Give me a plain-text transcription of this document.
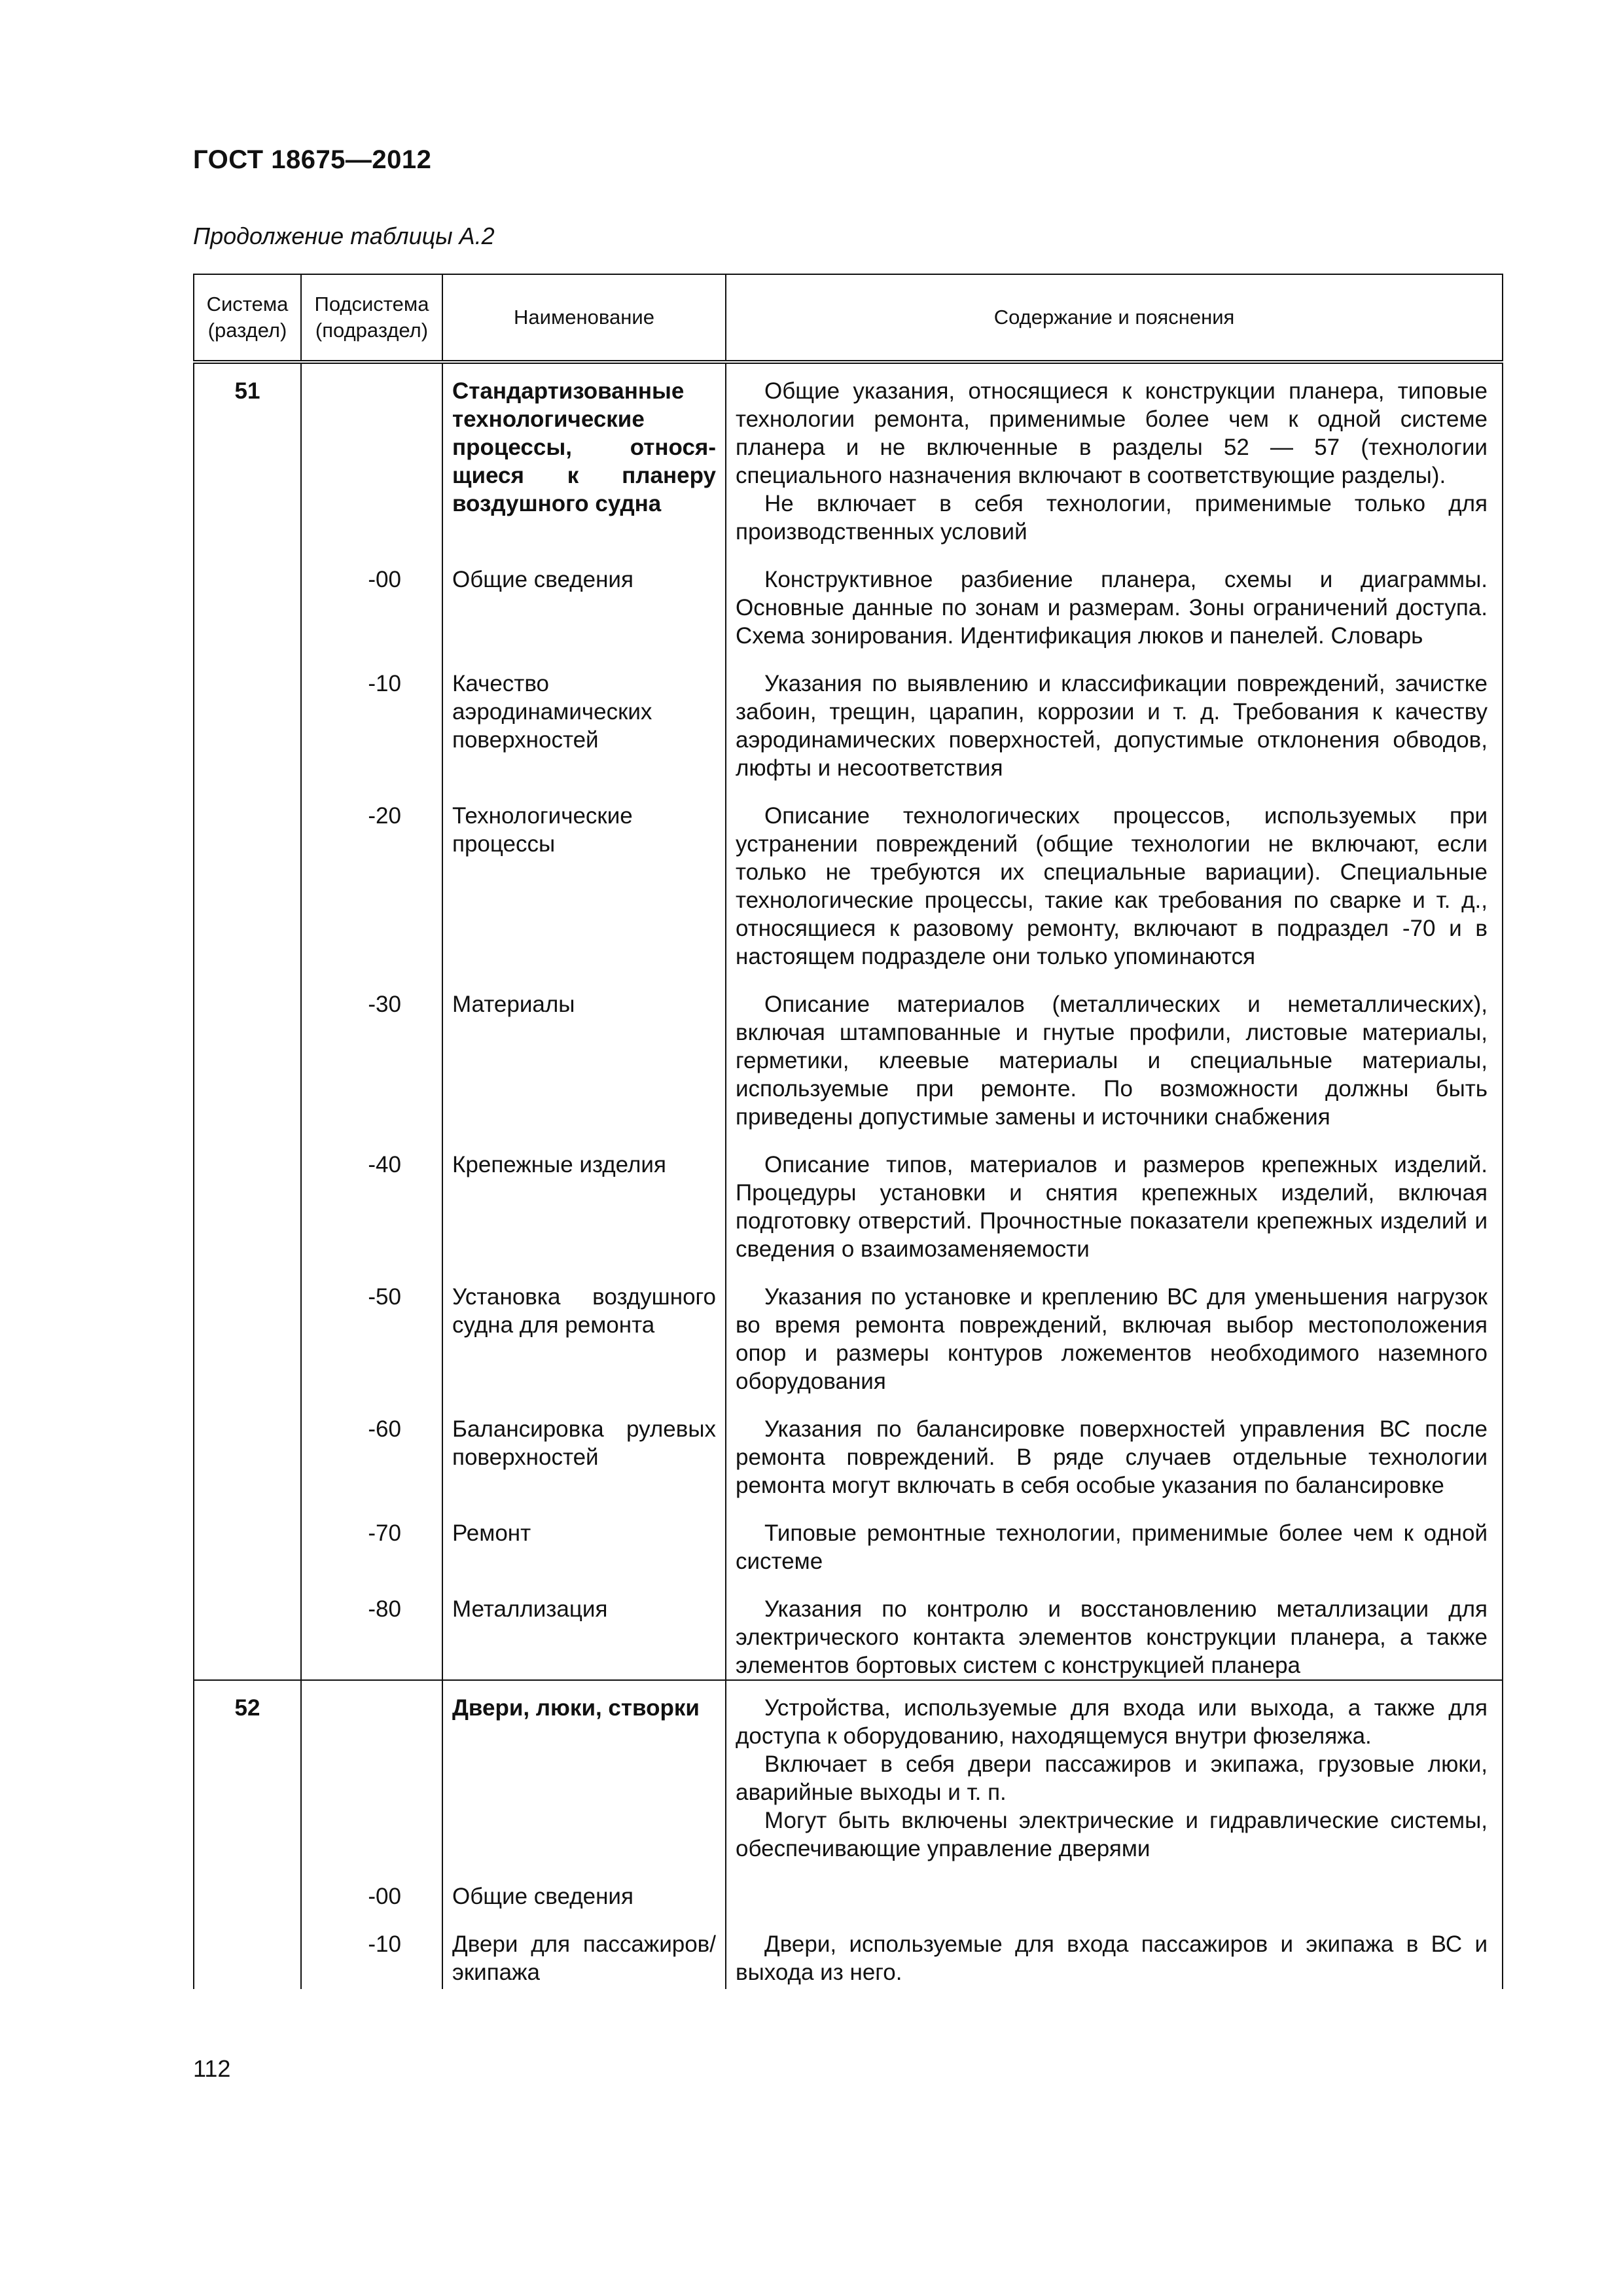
ГОСТ 18675—2012
Продолжение таблицы А.2
Система (раздел)	Подсистема (подраздел)	Наименование	Содержание и пояснения
51		Стандартизованные технологические процессы, относя-щиеся к планеру воздушного судна	Общие указания, относящиеся к конструкции планера, типовые технологии ремонта, применимые более чем к одной системе планера и не включенные в разделы 52 — 57 (технологии специального назначения включают в соответствующие разделы).
Не включает в себя технологии, применимые только для производственных условий

	-00	Общие сведения	Конструктивное разбиение планера, схемы и диаграммы. Основные данные по зонам и размерам. Зоны ограничений доступа. Схема зонирования. Идентификация люков и панелей. Словарь

	-10	Качество аэродинамических поверхностей	Указания по выявлению и классификации повреждений, зачистке забоин, трещин, царапин, коррозии и т. д. Требования к качеству аэродинамических поверхностей, допустимые отклонения обводов, люфты и несоответствия

	-20	Технологические процессы	Описание технологических процессов, используемых при устранении повреждений (общие технологии не включают, если только не требуются их специальные вариации). Специальные технологические процессы, такие как требования по сварке и т. д., относящиеся к разовому ремонту, включают в подраздел -70 и в настоящем подразделе они только упоминаются

	-30	Материалы	Описание материалов (металлических и неметаллических), включая штампованные и гнутые профили, листовые материалы, герметики, клеевые материалы и специальные материалы, используемые при ремонте. По возможности должны быть приведены допустимые замены и источники снабжения

	-40	Крепежные изделия	Описание типов, материалов и размеров крепежных изделий. Процедуры установки и снятия крепежных изделий, включая подготовку отверстий. Прочностные показатели крепежных изделий и сведения о взаимозаменяемости

	-50	Установка воздушного судна для ремонта	Указания по установке и креплению ВС для уменьшения нагрузок во время ремонта повреждений, включая выбор местоположения опор и размеры контуров ложементов необходимого наземного оборудования

	-60	Балансировка рулевых поверхностей	Указания по балансировке поверхностей управления ВС после ремонта повреждений. В ряде случаев отдельные технологии ремонта могут включать в себя особые указания по балансировке

	-70	Ремонт	Типовые ремонтные технологии, применимые более чем к одной системе

	-80	Металлизация	Указания по контролю и восстановлению металлизации для электрического контакта элементов конструкции планера, а также элементов бортовых систем с конструкцией планера

52		Двери, люки, створки	Устройства, используемые для входа или выхода, а также для доступа к оборудованию, находящемуся внутри фюзеляжа.
Включает в себя двери пассажиров и экипажа, грузовые люки, аварийные выходы и т. п.
Могут быть включены электрические и гидравлические системы, обеспечивающие управление дверями

	-00	Общие сведения	
	-10	Двери для пассажиров/экипажа	Двери, используемые для входа пассажиров и экипажа в ВС и выхода из него.
112
